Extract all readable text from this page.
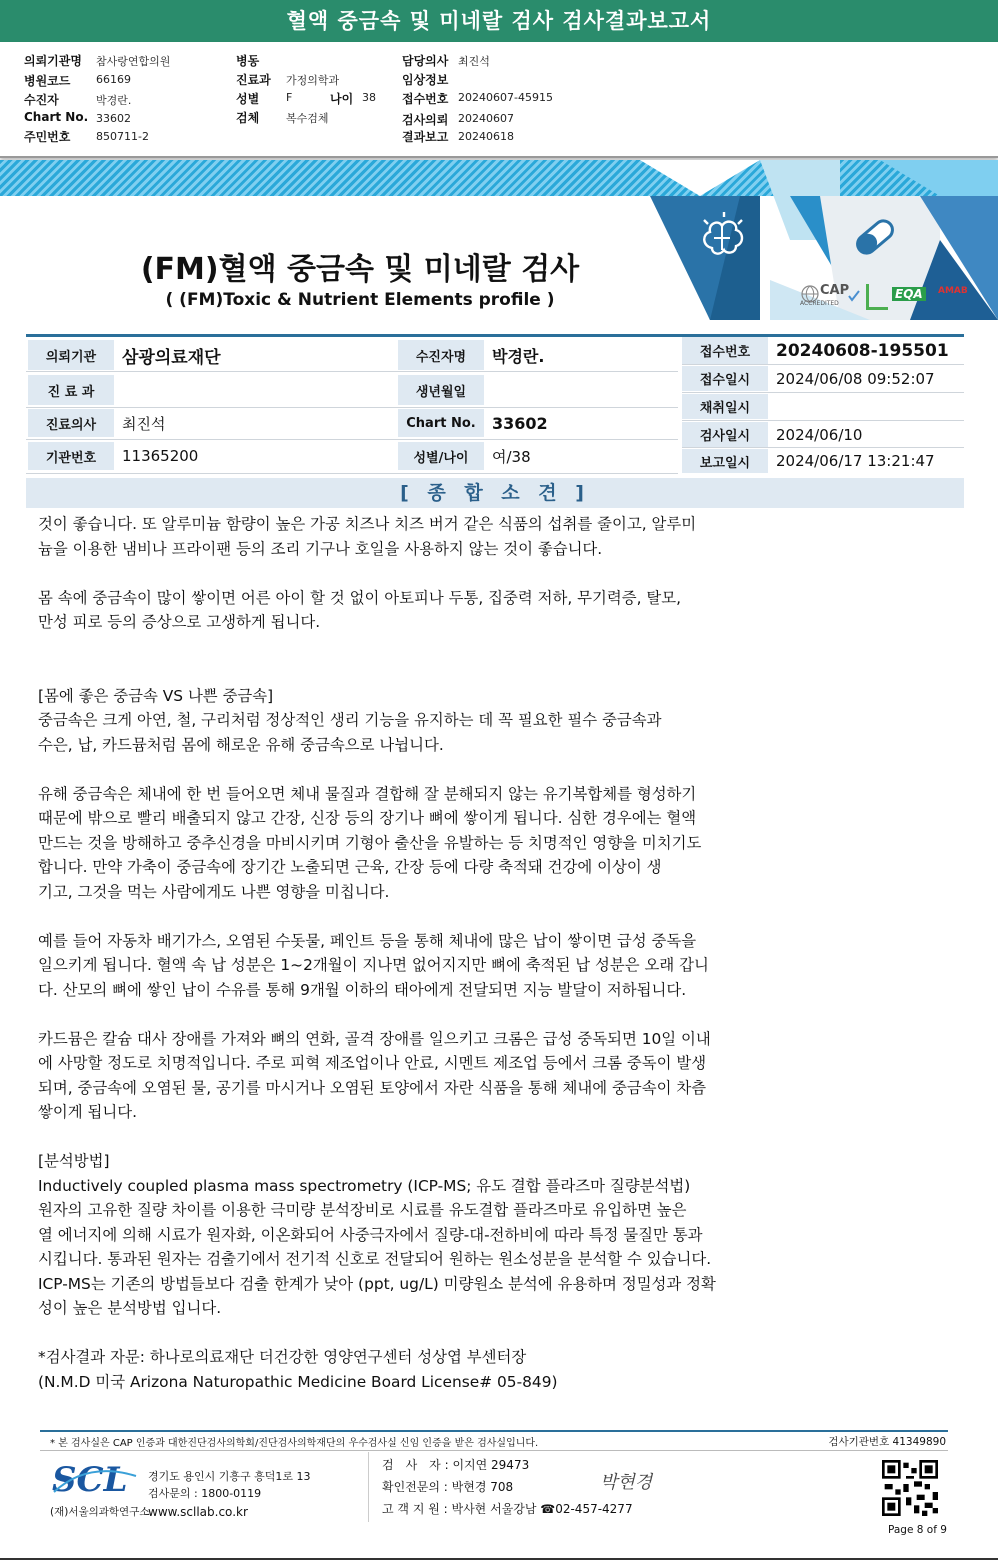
혈액 중금속 및 미네랄 검사 검사결과보고서
의뢰기관명 참사랑연합의원
병원코드 66169
수진자	박경란.
Chart No. 33602
주민번호 850711-2
병동
진료과 가정의학과
성별 F	나이 38
검체 복수검체
담당의사 최진석
임상정보
접수번호 20240607-45915
검사의뢰 20240607
결과보고 20240618
(FM)혈액 중금속 및 미네랄 검사
( (FM)Toxic & Nutrient Elements profile )	CAP
ACCREDITED
EQA	AMAB
의뢰기관	삼광의료재단
진 료 과
진료의사	최진석
기관번호	11365200
수진자명	박경란.
생년월일
Chart No.	33602
성별/나이	여/38
접수번호	20240608-195501
접수일시	2024/06/08 09:52:07
채취일시
검사일시	2024/06/10
보고일시	2024/06/17 13:21:47
[ 종 합 소 견 ]

것이 좋습니다. 또 알루미늄 함량이 높은 가공 치즈나 치즈 버거 같은 식품의 섭취를 줄이고, 알루미
늄을 이용한 냄비나 프라이팬 등의 조리 기구나 호일을 사용하지 않는 것이 좋습니다.

몸 속에 중금속이 많이 쌓이면 어른 아이 할 것 없이 아토피나 두통, 집중력 저하, 무기력증, 탈모,
만성 피로 등의 증상으로 고생하게 됩니다.

[몸에 좋은 중금속 VS 나쁜 중금속]
중금속은 크게 아연, 철, 구리처럼 정상적인 생리 기능을 유지하는 데 꼭 필요한 필수 중금속과
수은, 납, 카드뮴처럼 몸에 해로운 유해 중금속으로 나뉩니다.

유해 중금속은 체내에 한 번 들어오면 체내 물질과 결합해 잘 분해되지 않는 유기복합체를 형성하기
때문에 밖으로 빨리 배출되지 않고 간장, 신장 등의 장기나 뼈에 쌓이게 됩니다. 심한 경우에는 혈액
만드는 것을 방해하고 중추신경을 마비시키며 기형아 출산을 유발하는 등 치명적인 영향을 미치기도
합니다. 만약 가축이 중금속에 장기간 노출되면 근육, 간장 등에 다량 축적돼 건강에 이상이 생
기고, 그것을 먹는 사람에게도 나쁜 영향을 미칩니다.

예를 들어 자동차 배기가스, 오염된 수돗물, 페인트 등을 통해 체내에 많은 납이 쌓이면 급성 중독을
일으키게 됩니다. 혈액 속 납 성분은 1~2개월이 지나면 없어지지만 뼈에 축적된 납 성분은 오래 갑니
다. 산모의 뼈에 쌓인 납이 수유를 통해 9개월 이하의 태아에게 전달되면 지능 발달이 저하됩니다.

카드뮴은 칼슘 대사 장애를 가져와 뼈의 연화, 골격 장애를 일으키고 크롬은 급성 중독되면 10일 이내
에 사망할 정도로 치명적입니다. 주로 피혁 제조업이나 안료, 시멘트 제조업 등에서 크롬 중독이 발생
되며, 중금속에 오염된 물, 공기를 마시거나 오염된 토양에서 자란 식품을 통해 체내에 중금속이 차츰
쌓이게 됩니다.

[분석방법]
Inductively coupled plasma mass spectrometry (ICP-MS; 유도 결합 플라즈마 질량분석법)
원자의 고유한 질량 차이를 이용한 극미량 분석장비로 시료를 유도결합 플라즈마로 유입하면 높은
열 에너지에 의해 시료가 원자화, 이온화되어 사중극자에서 질량-대-전하비에 따라 특정 물질만 통과
시킵니다. 통과된 원자는 검출기에서 전기적 신호로 전달되어 원하는 원소성분을 분석할 수 있습니다.
ICP-MS는 기존의 방법들보다 검출 한계가 낮아 (ppt, ug/L) 미량원소 분석에 유용하며 정밀성과 정확
성이 높은 분석방법 입니다.

*검사결과 자문: 하나로의료재단 더건강한 영양연구센터 성상엽 부센터장
(N.M.D 미국 Arizona Naturopathic Medicine Board License# 05-849)

* 본 검사실은 CAP 인증과 대한진단검사의학회/진단검사의학재단의 우수검사실 신임 인증을 받은 검사실입니다.	검사기관번호 41349890
SCL
(재)서울의과학연구소
경기도 용인시 기흥구 흥덕1로 13
검사문의 : 1800-0119
www.scllab.co.kr
검　사　자 : 이지연 29473
확인전문의 : 박현경 708
고 객 지 원 : 박사현 서울강남 ☎02-457-4277
박현경
Page 8 of 9
